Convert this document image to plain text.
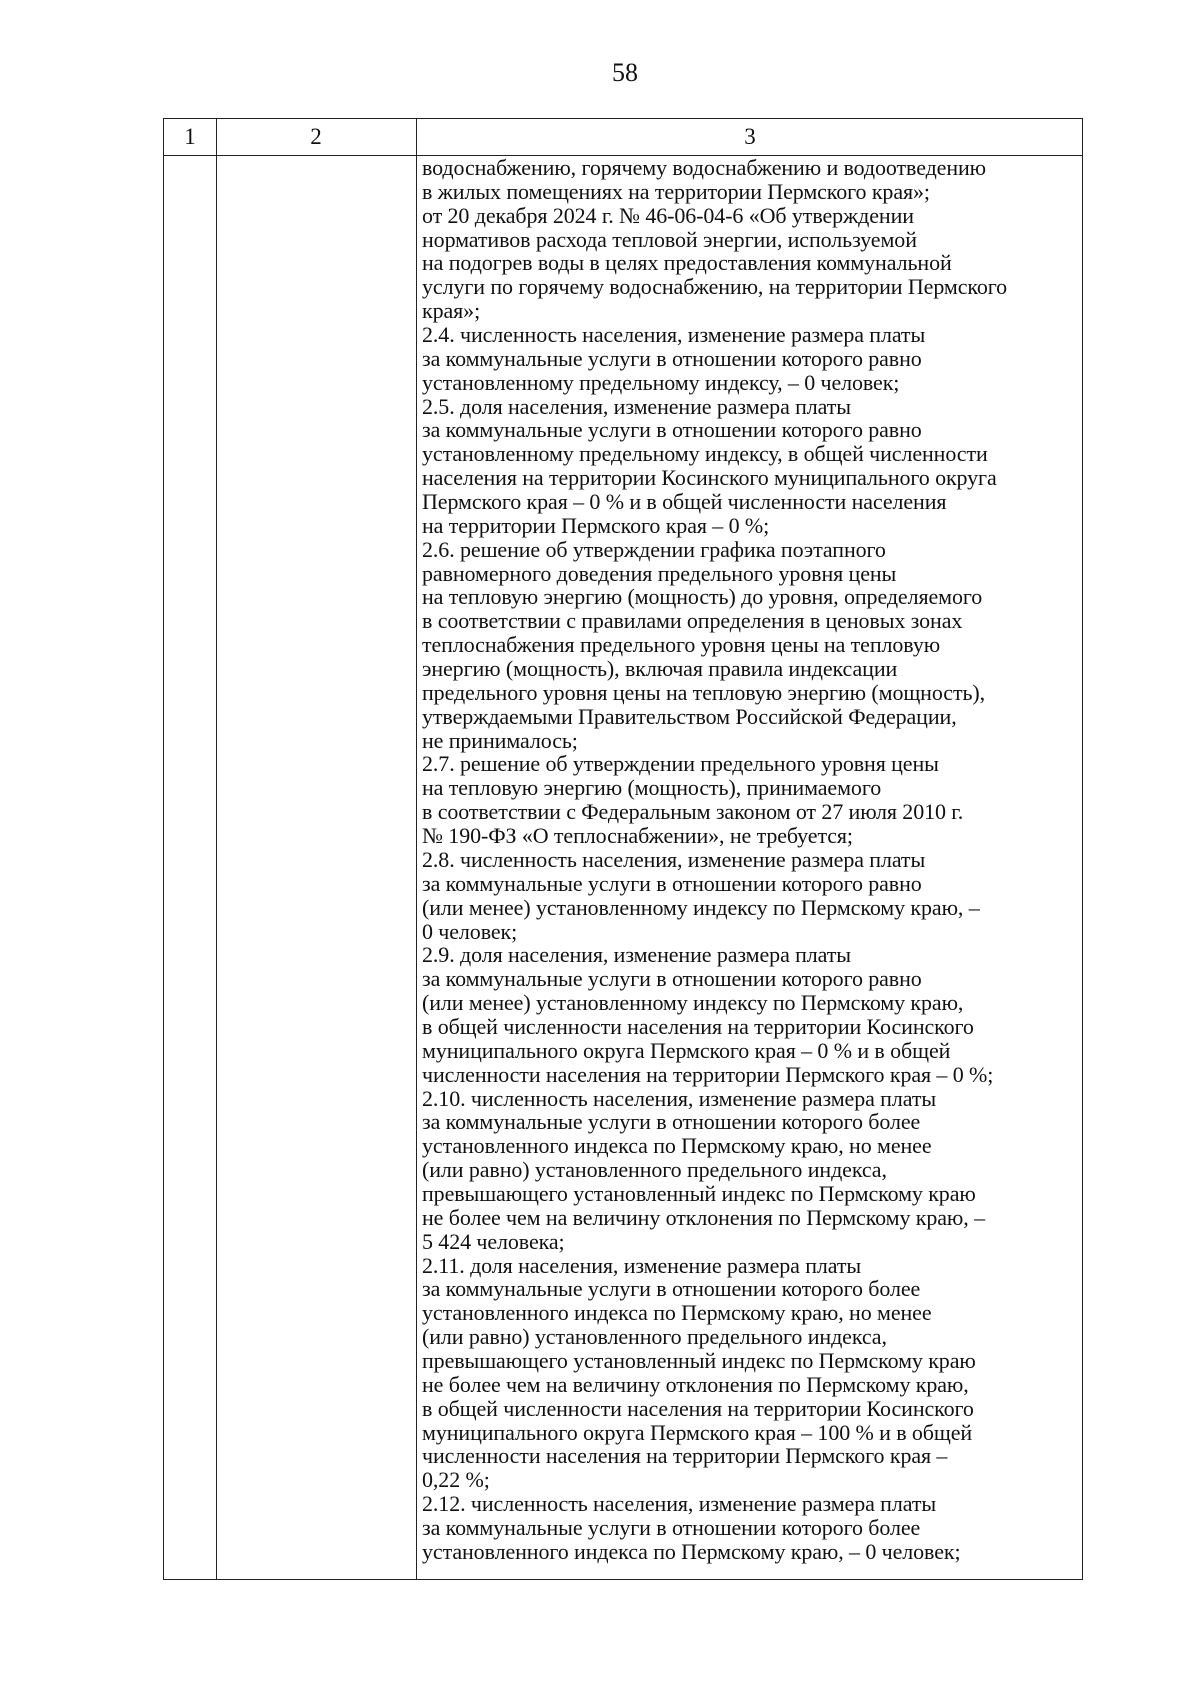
58
1	2	3
водоснабжению, горячему водоснабжению и водоотведению
в жилых помещениях на территории Пермского края»;
от 20 декабря 2024 г. № 46-06-04-6 «Об утверждении
нормативов расхода тепловой энергии, используемой
на подогрев воды в целях предоставления коммунальной
услуги по горячему водоснабжению, на территории Пермского
края»;
2.4. численность населения, изменение размера платы
за коммунальные услуги в отношении которого равно
установленному предельному индексу, – 0 человек;
2.5. доля населения, изменение размера платы
за коммунальные услуги в отношении которого равно
установленному предельному индексу, в общей численности
населения на территории Косинского муниципального округа
Пермского края – 0 % и в общей численности населения
на территории Пермского края – 0 %;
2.6. решение об утверждении графика поэтапного
равномерного доведения предельного уровня цены
на тепловую энергию (мощность) до уровня, определяемого
в соответствии с правилами определения в ценовых зонах
теплоснабжения предельного уровня цены на тепловую
энергию (мощность), включая правила индексации
предельного уровня цены на тепловую энергию (мощность),
утверждаемыми Правительством Российской Федерации,
не принималось;
2.7. решение об утверждении предельного уровня цены
на тепловую энергию (мощность), принимаемого
в соответствии с Федеральным законом от 27 июля 2010 г.
№ 190-ФЗ «О теплоснабжении», не требуется;
2.8. численность населения, изменение размера платы
за коммунальные услуги в отношении которого равно
(или менее) установленному индексу по Пермскому краю, –
0 человек;
2.9. доля населения, изменение размера платы
за коммунальные услуги в отношении которого равно
(или менее) установленному индексу по Пермскому краю,
в общей численности населения на территории Косинского
муниципального округа Пермского края – 0 % и в общей
численности населения на территории Пермского края – 0 %;
2.10. численность населения, изменение размера платы
за коммунальные услуги в отношении которого более
установленного индекса по Пермскому краю, но менее
(или равно) установленного предельного индекса,
превышающего установленный индекс по Пермскому краю
не более чем на величину отклонения по Пермскому краю, –
5 424 человека;
2.11. доля населения, изменение размера платы
за коммунальные услуги в отношении которого более
установленного индекса по Пермскому краю, но менее
(или равно) установленного предельного индекса,
превышающего установленный индекс по Пермскому краю
не более чем на величину отклонения по Пермскому краю,
в общей численности населения на территории Косинского
муниципального округа Пермского края – 100 % и в общей
численности населения на территории Пермского края –
0,22 %;
2.12. численность населения, изменение размера платы
за коммунальные услуги в отношении которого более
установленного индекса по Пермскому краю, – 0 человек;
